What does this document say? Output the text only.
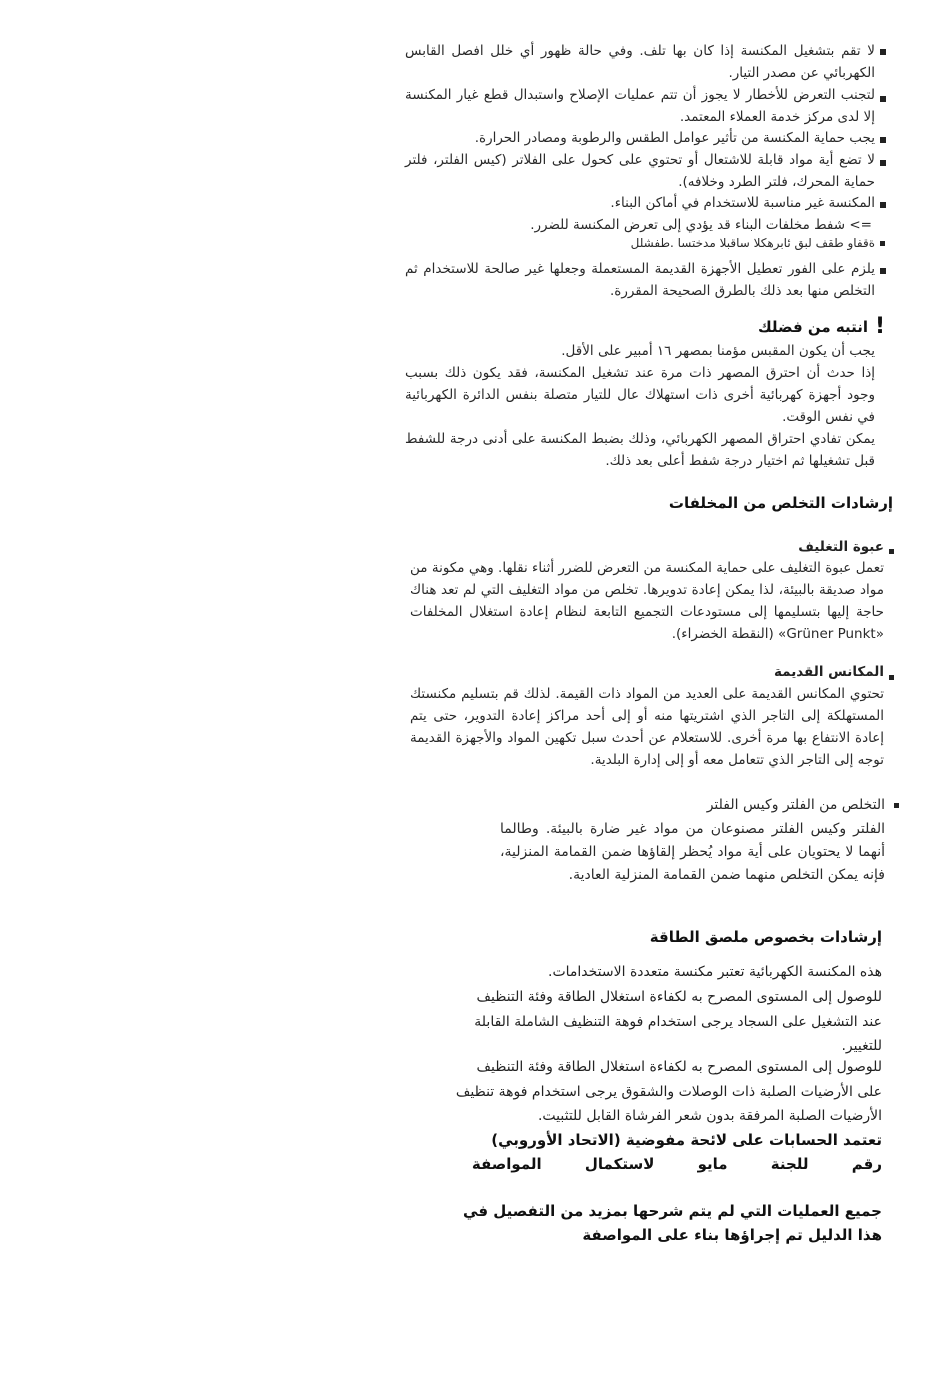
لا تقم بتشغيل المكنسة إذا كان بها تلف. وفي حالة ظهور أي خلل افصل القابس الكهربائي عن مصدر التيار.
لتجنب التعرض للأخطار لا يجوز أن تتم عمليات الإصلاح واستبدال قطع غيار المكنسة إلا لدى مركز خدمة العملاء المعتمد.
يجب حماية المكنسة من تأثير عوامل الطقس والرطوبة ومصادر الحرارة.
لا تضع أية مواد قابلة للاشتعال أو تحتوي على كحول على الفلاتر (كيس الفلتر، فلتر حماية المحرك، فلتر الطرد وخلافه).
المكنسة غير مناسبة للاستخدام في أماكن البناء.
=> شفط مخلفات البناء قد يؤدي إلى تعرض المكنسة للضرر.
ةقفاو طقف لبق ئابرهكلا ساقبلا مدختسا .طفشلل
يلزم على الفور تعطيل الأجهزة القديمة المستعملة وجعلها غير صالحة للاستخدام ثم التخلص منها بعد ذلك بالطرق الصحيحة المقررة.
!
انتبه من فضلك
يجب أن يكون المقبس مؤمنا بمصهر ١٦ أمبير على الأقل.
إذا حدث أن احترق المصهر ذات مرة عند تشغيل المكنسة، فقد يكون ذلك بسبب وجود أجهزة كهربائية أخرى ذات استهلاك عال للتيار متصلة بنفس الدائرة الكهربائية في نفس الوقت.
يمكن تفادي احتراق المصهر الكهربائي، وذلك بضبط المكنسة على أدنى درجة للشفط قبل تشغيلها ثم اختيار درجة شفط أعلى بعد ذلك.
إرشادات التخلص من المخلفات
عبوة التغليف
تعمل عبوة التغليف على حماية المكنسة من التعرض للضرر أثناء نقلها. وهي مكونة من مواد صديقة بالبيئة، لذا يمكن إعادة تدويرها. تخلص من مواد التغليف التي لم تعد هناك حاجة إليها بتسليمها إلى مستودعات التجميع التابعة لنظام إعادة استغلال المخلفات «Grüner Punkt» (النقطة الخضراء).
المكانس القديمة
تحتوي المكانس القديمة على العديد من المواد ذات القيمة. لذلك قم بتسليم مكنستك المستهلكة إلى التاجر الذي اشتريتها منه أو إلى أحد مراكز إعادة التدوير، حتى يتم إعادة الانتفاع بها مرة أخرى. للاستعلام عن أحدث سبل تكهين المواد والأجهزة القديمة توجه إلى التاجر الذي تتعامل معه أو إلى إدارة البلدية.
التخلص من الفلتر وكيس الفلتر
الفلتر وكيس الفلتر مصنوعان من مواد غير ضارة بالبيئة. وطالما أنهما لا يحتويان على أية مواد يُحظر إلقاؤها ضمن القمامة المنزلية، فإنه يمكن التخلص منهما ضمن القمامة المنزلية العادية.
إرشادات بخصوص ملصق الطاقة
هذه المكنسة الكهربائية تعتبر مكنسة متعددة الاستخدامات.
للوصول إلى المستوى المصرح به لكفاءة استغلال الطاقة وفئة التنظيف عند التشغيل على السجاد يرجى استخدام فوهة التنظيف الشاملة القابلة للتغيير.
للوصول إلى المستوى المصرح به لكفاءة استغلال الطاقة وفئة التنظيف على الأرضيات الصلبة ذات الوصلات والشقوق يرجى استخدام فوهة تنظيف الأرضيات الصلبة المرفقة بدون شعر الفرشاة القابل للتثبيت.
تعتمد الحسابات على لائحة مفوضية (الاتحاد الأوروبي)
رقم للجنة مايو لاستكمال المواصفة
جميع العمليات التي لم يتم شرحها بمزيد من التفصيل في هذا الدليل تم إجراؤها بناء على المواصفة
